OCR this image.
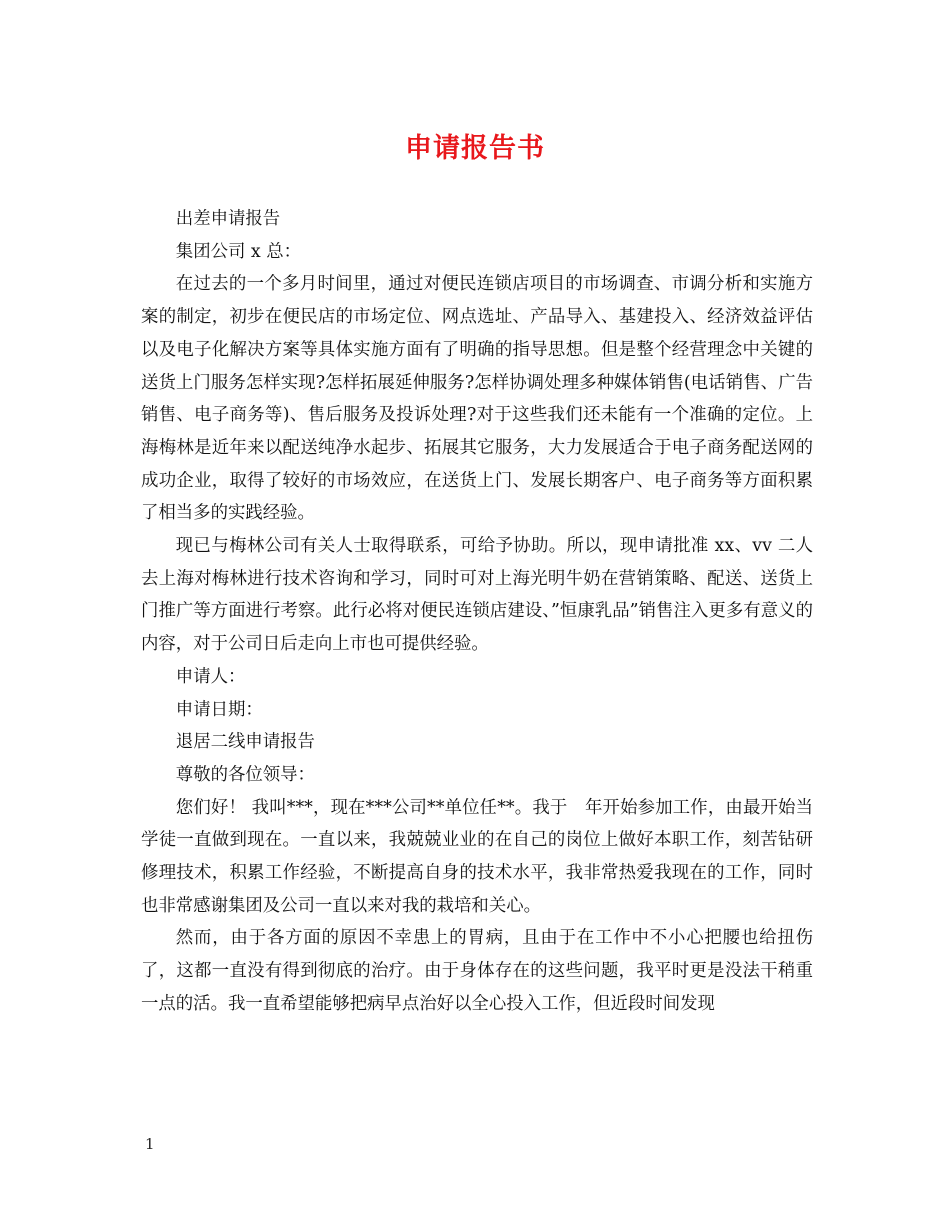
申请报告书

出差申请报告

集团公司 x 总：

在过去的一个多月时间里，通过对便民连锁店项目的市场调查、市调分析和实施方案的制定，初步在便民店的市场定位、网点选址、产品导入、基建投入、经济效益评估以及电子化解决方案等具体实施方面有了明确的指导思想。但是整个经营理念中关键的送货上门服务怎样实现?怎样拓展延伸服务?怎样协调处理多种媒体销售(电话销售、广告销售、电子商务等)、售后服务及投诉处理?对于这些我们还未能有一个准确的定位。上海梅林是近年来以配送纯净水起步、拓展其它服务，大力发展适合于电子商务配送网的成功企业，取得了较好的市场效应，在送货上门、发展长期客户、电子商务等方面积累了相当多的实践经验。

现已与梅林公司有关人士取得联系，可给予协助。所以，现申请批准 xx、vv 二人去上海对梅林进行技术咨询和学习，同时可对上海光明牛奶在营销策略、配送、送货上门推广等方面进行考察。此行必将对便民连锁店建设、”恒康乳品”销售注入更多有意义的内容，对于公司日后走向上市也可提供经验。

申请人：

申请日期：

退居二线申请报告

尊敬的各位领导：

您们好！ 我叫***，现在***公司**单位任**。我于　年开始参加工作，由最开始当学徒一直做到现在。一直以来，我兢兢业业的在自己的岗位上做好本职工作，刻苦钻研修理技术，积累工作经验，不断提高自身的技术水平，我非常热爱我现在的工作，同时也非常感谢集团及公司一直以来对我的栽培和关心。

然而，由于各方面的原因不幸患上的胃病，且由于在工作中不小心把腰也给扭伤了，这都一直没有得到彻底的治疗。由于身体存在的这些问题，我平时更是没法干稍重一点的活。我一直希望能够把病早点治好以全心投入工作，但近段时间发现

1
